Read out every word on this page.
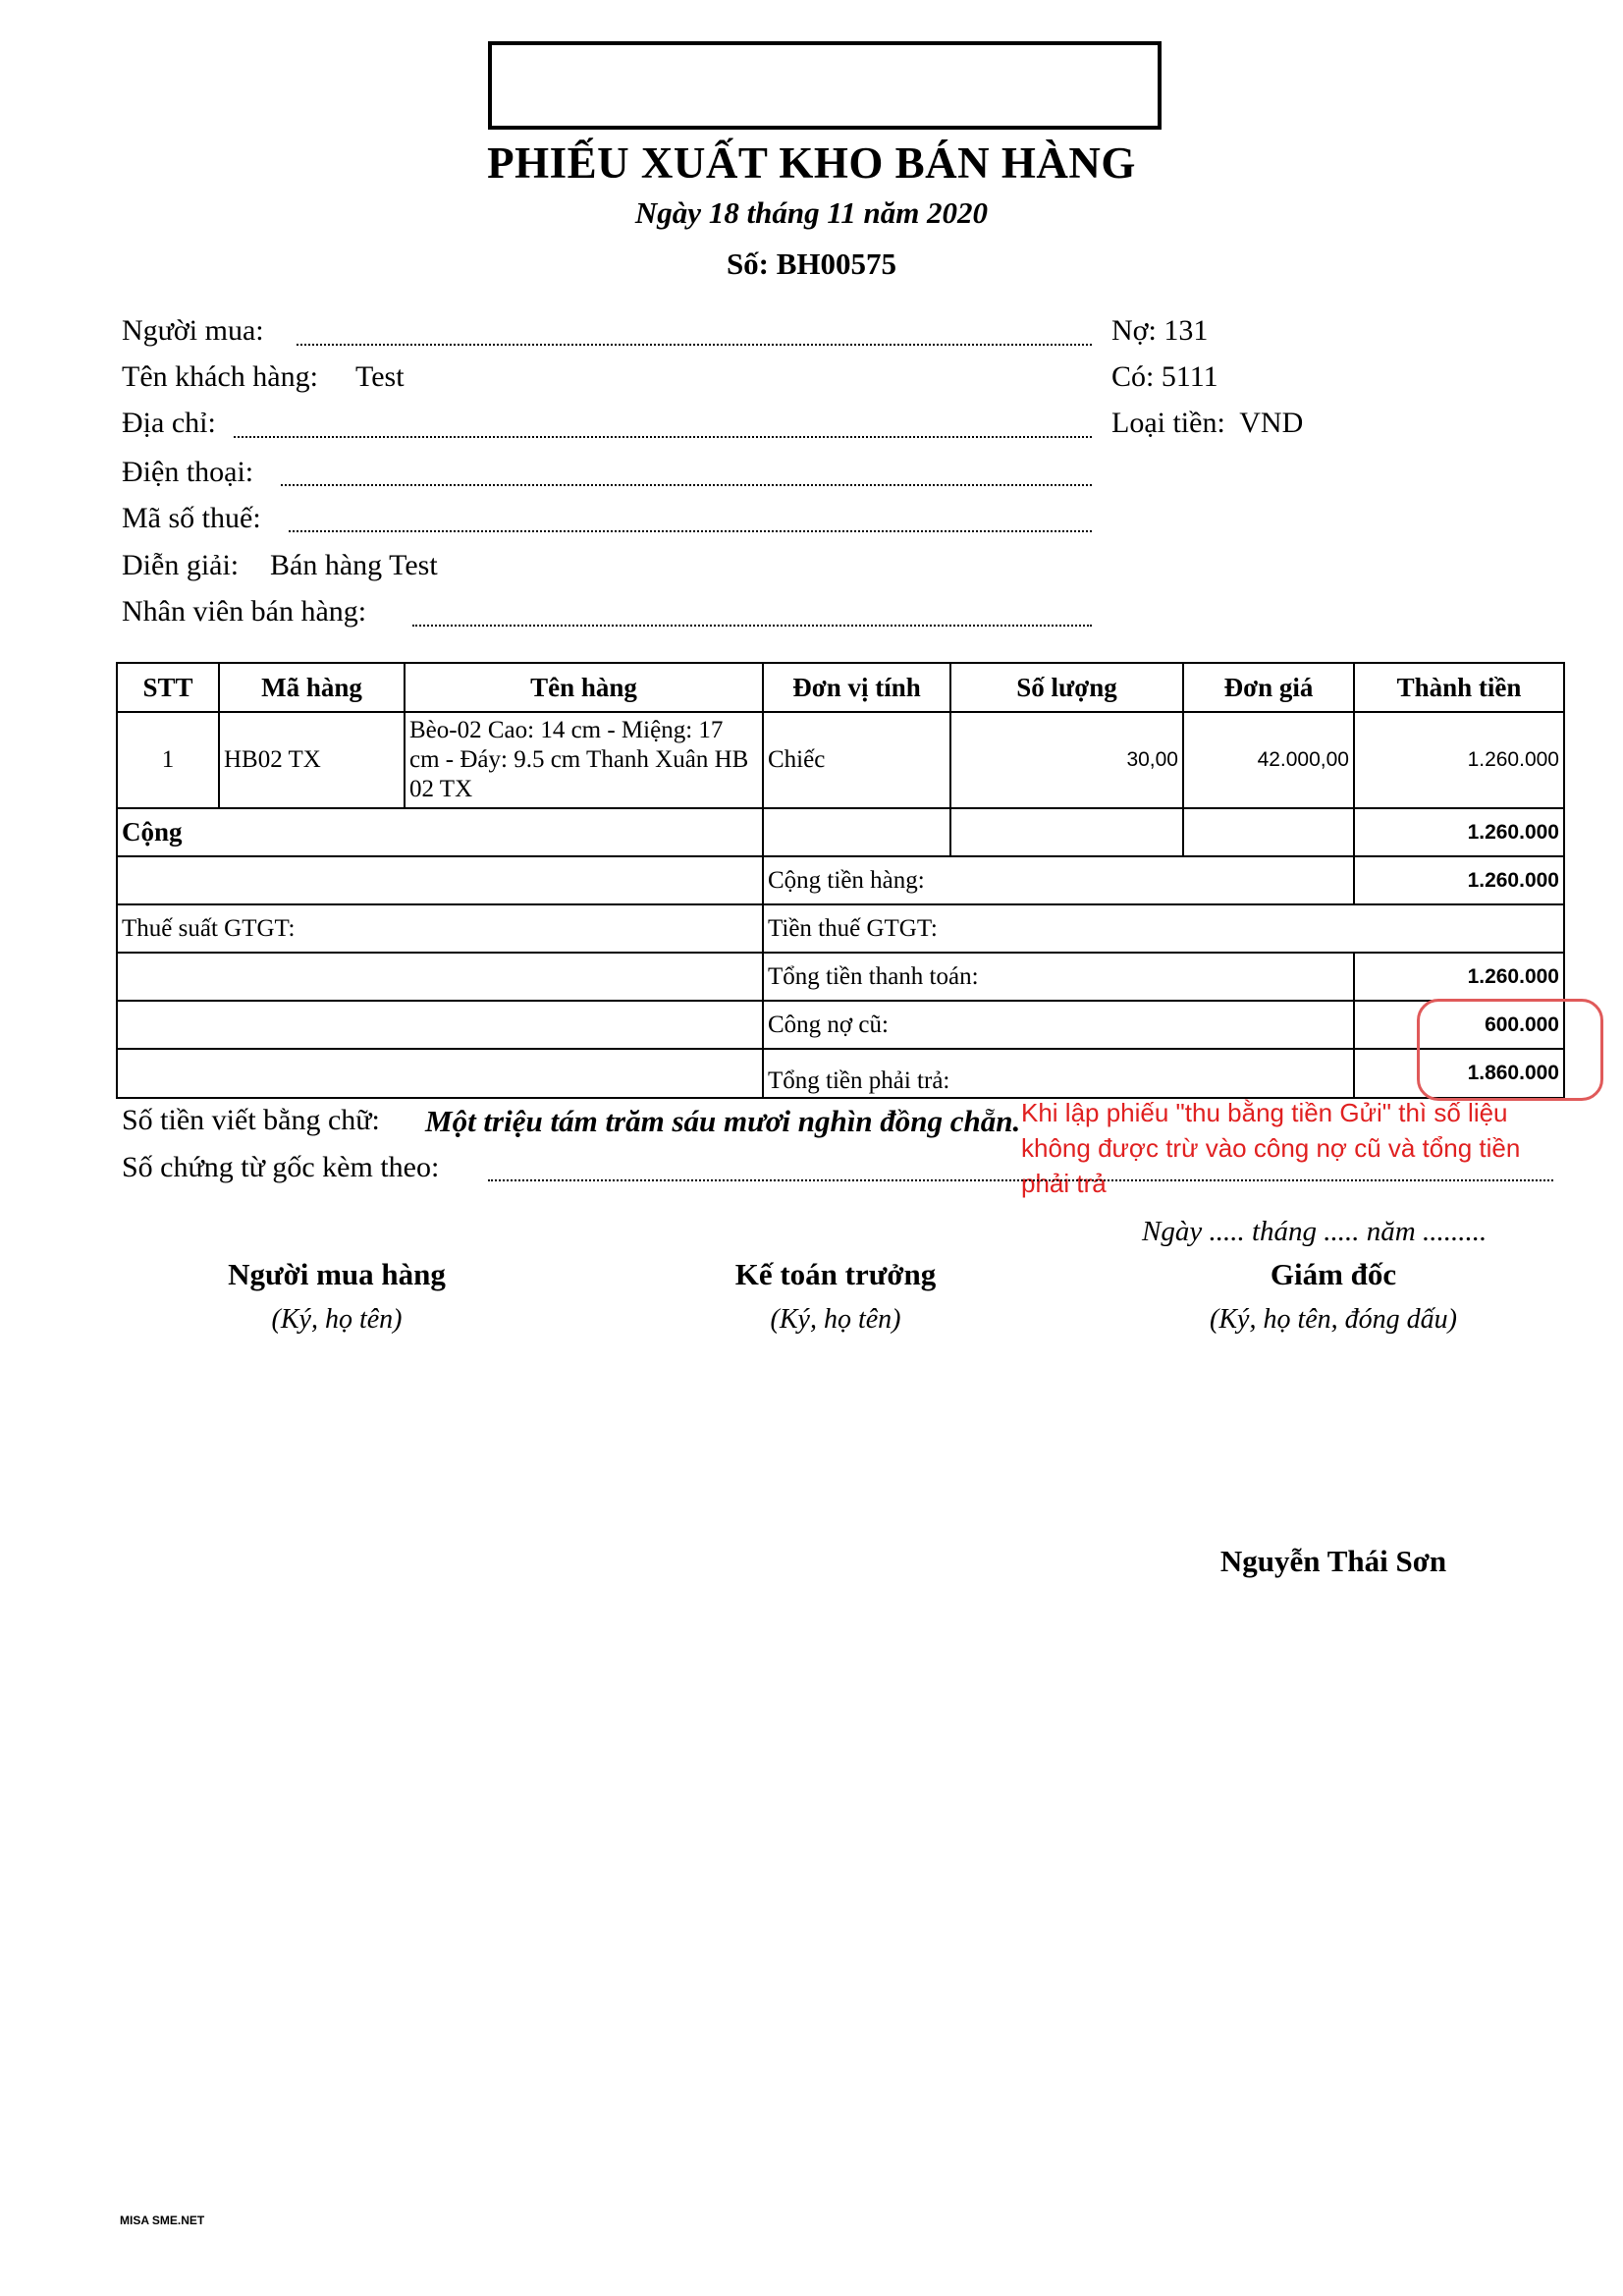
PHIẾU XUẤT KHO BÁN HÀNG
Ngày 18 tháng 11 năm 2020
Số: BH00575
Người mua:
Tên khách hàng: Test
Địa chỉ:
Điện thoại:
Mã số thuế:
Diễn giải: Bán hàng Test
Nhân viên bán hàng:
Nợ: 131
Có: 5111
Loại tiền: VND
STT	Mã hàng	Tên hàng	Đơn vị tính	Số lượng	Đơn giá	Thành tiền
1	HB02 TX	Bèo-02 Cao: 14 cm - Miệng: 17 cm - Đáy: 9.5 cm Thanh Xuân HB 02 TX	Chiếc	30,00	42.000,00	1.260.000
Cộng						1.260.000
			Cộng tiền hàng:			1.260.000
Thuế suất GTGT:			Tiền thuế GTGT:			
			Tổng tiền thanh toán:			1.260.000
			Công nợ cũ:			600.000
			Tổng tiền phải trả:			1.860.000
Khi lập phiếu "thu bằng tiền Gửi" thì số liệu không được trừ vào công nợ cũ và tổng tiền phải trả
Số tiền viết bằng chữ: Một triệu tám trăm sáu mươi nghìn đồng chẵn.
Số chứng từ gốc kèm theo:
Ngày ..... tháng ..... năm .........
Người mua hàng
(Ký, họ tên)
Kế toán trưởng
(Ký, họ tên)
Giám đốc
(Ký, họ tên, đóng dấu)
Nguyễn Thái Sơn
MISA SME.NET
